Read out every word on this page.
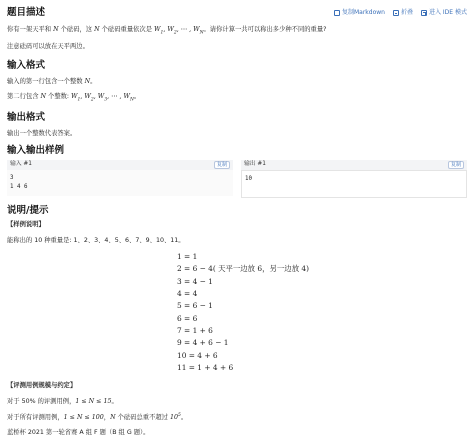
题目描述	复制Markdown	折叠	进入 IDE 模式

你有一架天平和 N 个砝码，这 N 个砝码重量依次是 $W_1$, $W_2$, ⋯ , $W_N$。请你计算一共可以称出多少种不同的重量?

注意砝码可以放在天平两边。

输入格式

输入的第一行包含一个整数 N。

第二行包含 N 个整数: $W_1$, $W_2$, $W_3$, ⋯ , $W_N$。

输出格式

输出一个整数代表答案。

输入输出样例
输入 #1	复制
3
1 4 6
输出 #1	复制
10
说明/提示

【样例说明】

能称出的 10 种重量是: 1、2、3、4、5、6、7、9、10、11。

1 = 1
2 = 6 − 4( 天平一边放 6，另一边放 4)
3 = 4 − 1
4 = 4
5 = 6 − 1
6 = 6
7 = 1 + 6
9 = 4 + 6 − 1
10 = 4 + 6
11 = 1 + 4 + 6

【评测用例规模与约定】

对于 50% 的评测用例，1 ≤ N ≤ 15。

对于所有评测用例，1 ≤ N ≤ 100，N 个砝码总重不超过 $10^5$。

蓝桥杯 2021 第一轮省赛 A 组 F 题（B 组 G 题）。
